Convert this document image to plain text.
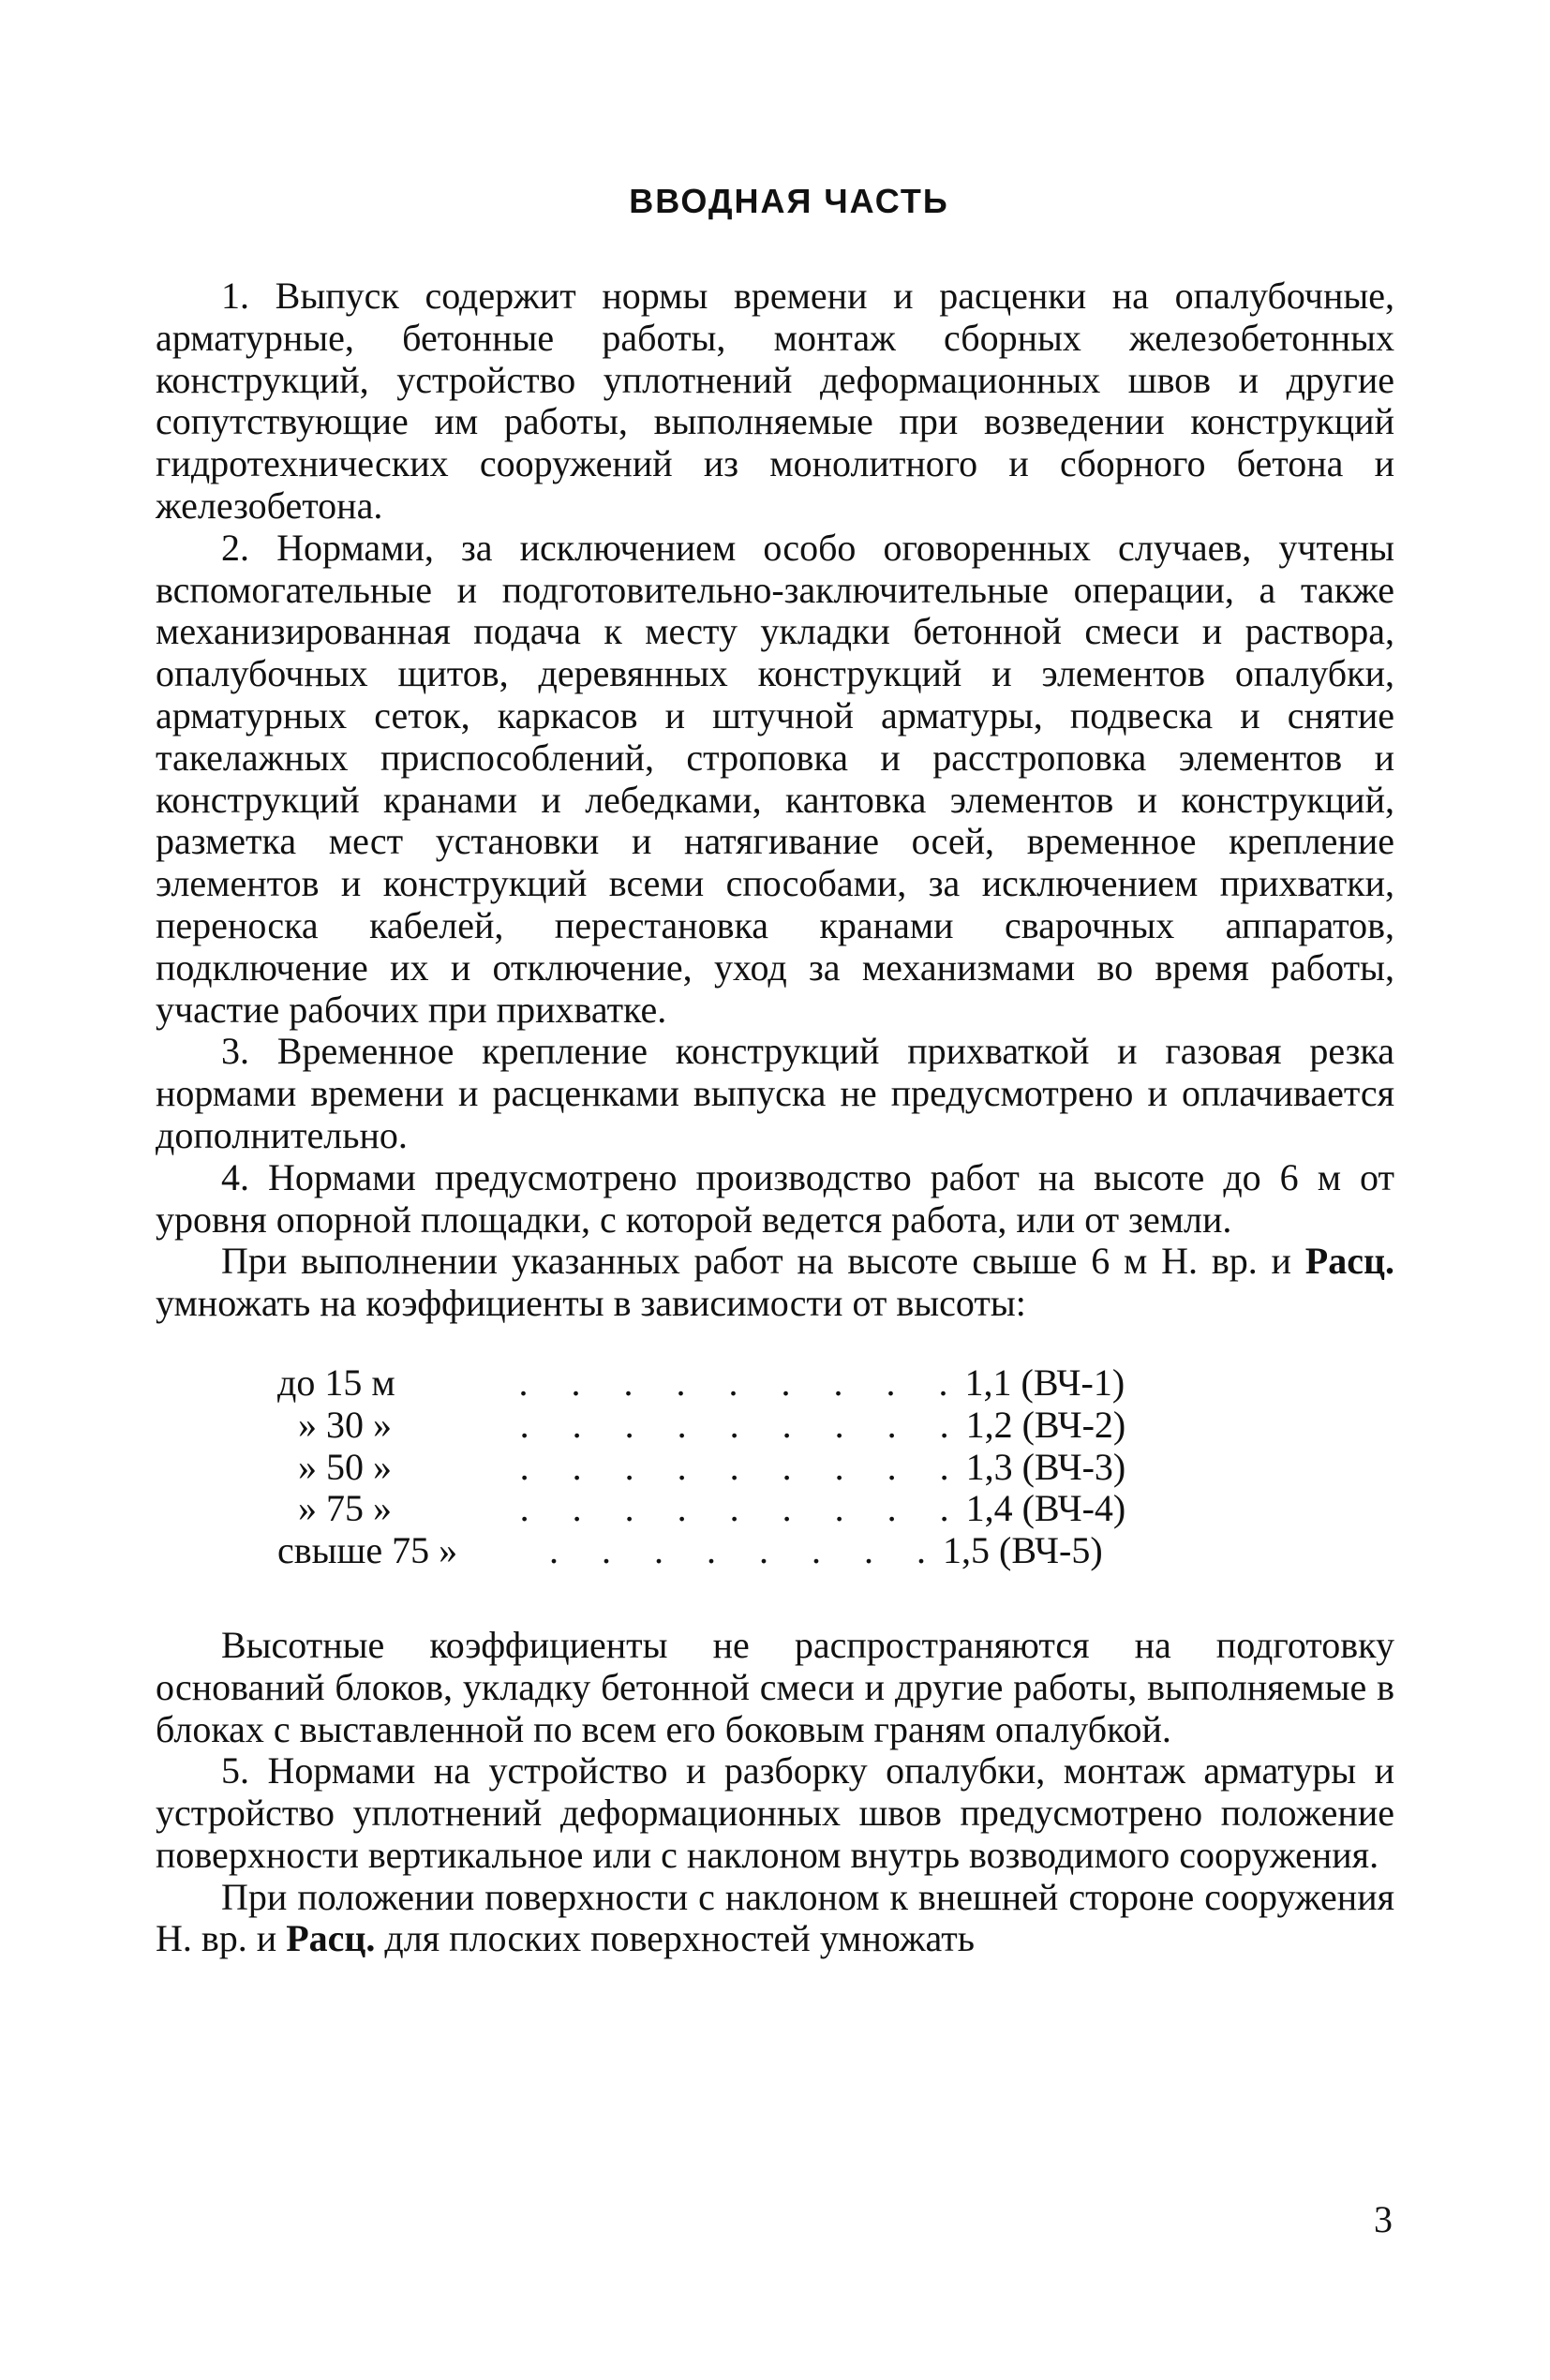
ВВОДНАЯ ЧАСТЬ

1. Выпуск содержит нормы времени и расценки на опалубочные, арматурные, бетонные работы, монтаж сборных железобетонных конструкций, устройство уплотнений деформационных швов и другие сопутствующие им работы, выполняемые при возведении конструкций гидротехнических сооружений из монолитного и сборного бетона и железобетона.

2. Нормами, за исключением особо оговоренных случаев, учтены вспомогательные и подготовительно-заключительные операции, а также механизированная подача к месту укладки бетонной смеси и раствора, опалубочных щитов, деревянных конструкций и элементов опалубки, арматурных сеток, каркасов и штучной арматуры, подвеска и снятие такелажных приспособлений, строповка и расстроповка элементов и конструкций кранами и лебедками, кантовка элементов и конструкций, разметка мест установки и натягивание осей, временное крепление элементов и конструкций всеми способами, за исключением прихватки, переноска кабелей, перестановка кранами сварочных аппаратов, подключение их и отключение, уход за механизмами во время работы, участие рабочих при прихватке.

3. Временное крепление конструкций прихваткой и газовая резка нормами времени и расценками выпуска не предусмотрено и оплачивается дополнительно.

4. Нормами предусмотрено производство работ на высоте до 6 м от уровня опорной площадки, с которой ведется работа, или от земли.

При выполнении указанных работ на высоте свыше 6 м Н. вр. и Расц. умножать на коэффициенты в зависимости от высоты:

до 15 м	. . . . . . . . . 1,1 (ВЧ-1)
» 30 »	. . . . . . . . . 1,2 (ВЧ-2)
» 50 »	. . . . . . . . . 1,3 (ВЧ-3)
» 75 »	. . . . . . . . . 1,4 (ВЧ-4)
свыше 75 »	. . . . . . . . 1,5 (ВЧ-5)

Высотные коэффициенты не распространяются на подготовку оснований блоков, укладку бетонной смеси и другие работы, выполняемые в блоках с выставленной по всем его боковым граням опалубкой.

5. Нормами на устройство и разборку опалубки, монтаж арматуры и устройство уплотнений деформационных швов предусмотрено положение поверхности вертикальное или с наклоном внутрь возводимого сооружения.

При положении поверхности с наклоном к внешней стороне сооружения Н. вр. и Расц. для плоских поверхностей умножать

3
